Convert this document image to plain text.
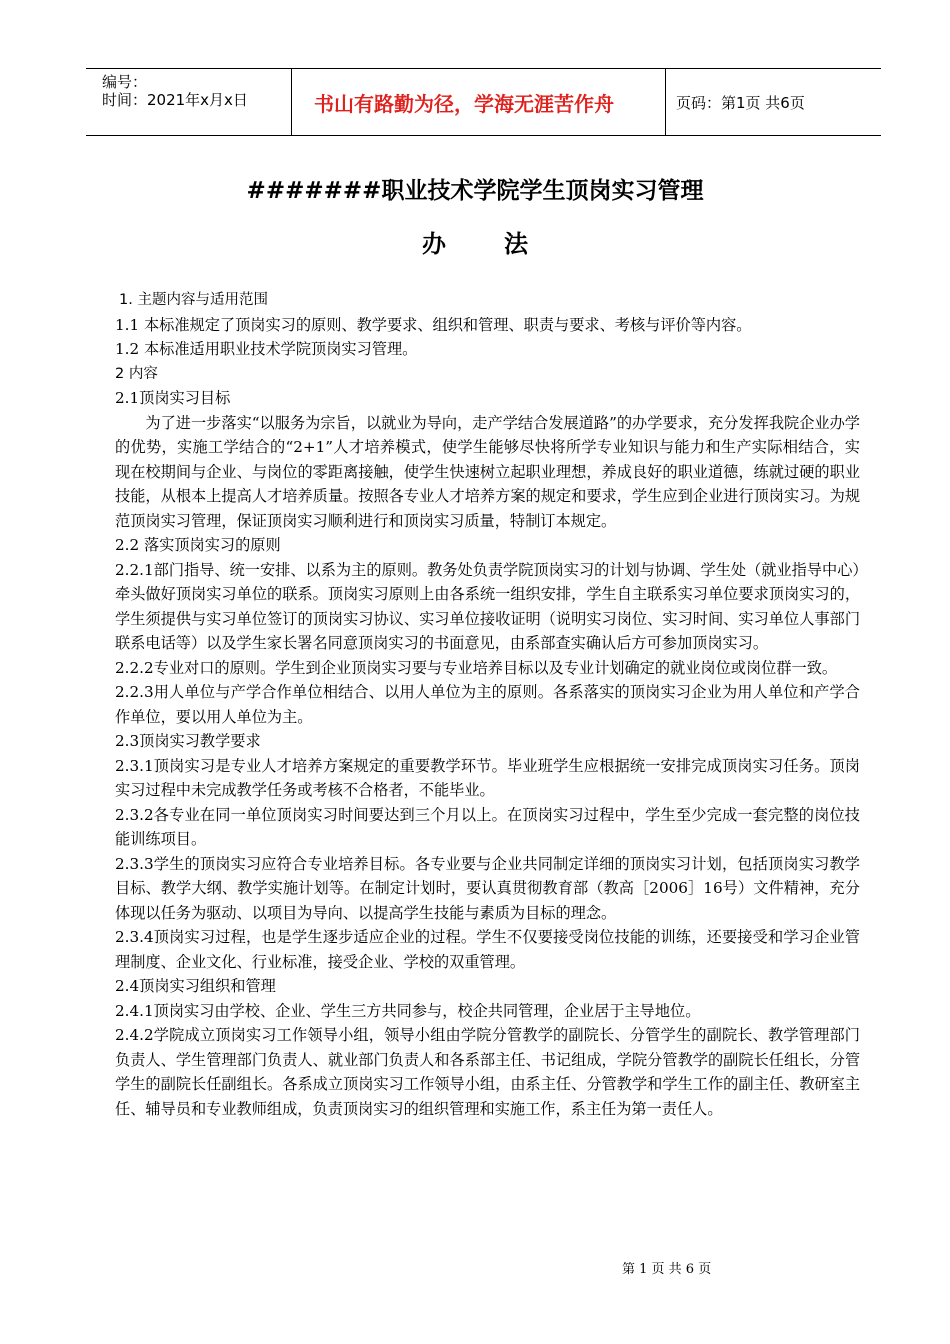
编号：
时间：2021年x月x日	书山有路勤为径，学海无涯苦作舟	页码：第1页 共6页
#######职业技术学院学生顶岗实习管理
办法

1. 主题内容与适用范围

1.1 本标准规定了顶岗实习的原则、教学要求、组织和管理、职责与要求、考核与评价等内容。

1.2 本标准适用职业技术学院顶岗实习管理。

2 内容

2.1顶岗实习目标

为了进一步落实“以服务为宗旨，以就业为导向，走产学结合发展道路”的办学要求，充分发挥我院企业办学的优势，实施工学结合的“2+1”人才培养模式，使学生能够尽快将所学专业知识与能力和生产实际相结合，实现在校期间与企业、与岗位的零距离接触，使学生快速树立起职业理想，养成良好的职业道德，练就过硬的职业技能，从根本上提高人才培养质量。按照各专业人才培养方案的规定和要求，学生应到企业进行顶岗实习。为规范顶岗实习管理，保证顶岗实习顺利进行和顶岗实习质量，特制订本规定。

2.2 落实顶岗实习的原则

2.2.1部门指导、统一安排、以系为主的原则。教务处负责学院顶岗实习的计划与协调、学生处（就业指导中心）牵头做好顶岗实习单位的联系。顶岗实习原则上由各系统一组织安排，学生自主联系实习单位要求顶岗实习的，学生须提供与实习单位签订的顶岗实习协议、实习单位接收证明（说明实习岗位、实习时间、实习单位人事部门联系电话等）以及学生家长署名同意顶岗实习的书面意见，由系部查实确认后方可参加顶岗实习。

2.2.2专业对口的原则。学生到企业顶岗实习要与专业培养目标以及专业计划确定的就业岗位或岗位群一致。

2.2.3用人单位与产学合作单位相结合、以用人单位为主的原则。各系落实的顶岗实习企业为用人单位和产学合作单位，要以用人单位为主。

2.3顶岗实习教学要求

2.3.1顶岗实习是专业人才培养方案规定的重要教学环节。毕业班学生应根据统一安排完成顶岗实习任务。顶岗实习过程中未完成教学任务或考核不合格者，不能毕业。

2.3.2各专业在同一单位顶岗实习时间要达到三个月以上。在顶岗实习过程中，学生至少完成一套完整的岗位技能训练项目。

2.3.3学生的顶岗实习应符合专业培养目标。各专业要与企业共同制定详细的顶岗实习计划，包括顶岗实习教学目标、教学大纲、教学实施计划等。在制定计划时，要认真贯彻教育部（教高［2006］16号）文件精神，充分体现以任务为驱动、以项目为导向、以提高学生技能与素质为目标的理念。

2.3.4顶岗实习过程，也是学生逐步适应企业的过程。学生不仅要接受岗位技能的训练，还要接受和学习企业管理制度、企业文化、行业标准，接受企业、学校的双重管理。

2.4顶岗实习组织和管理

2.4.1顶岗实习由学校、企业、学生三方共同参与，校企共同管理，企业居于主导地位。

2.4.2学院成立顶岗实习工作领导小组，领导小组由学院分管教学的副院长、分管学生的副院长、教学管理部门负责人、学生管理部门负责人、就业部门负责人和各系部主任、书记组成，学院分管教学的副院长任组长，分管学生的副院长任副组长。各系成立顶岗实习工作领导小组，由系主任、分管教学和学生工作的副主任、教研室主任、辅导员和专业教师组成，负责顶岗实习的组织管理和实施工作，系主任为第一责任人。

第 1 页 共 6 页
